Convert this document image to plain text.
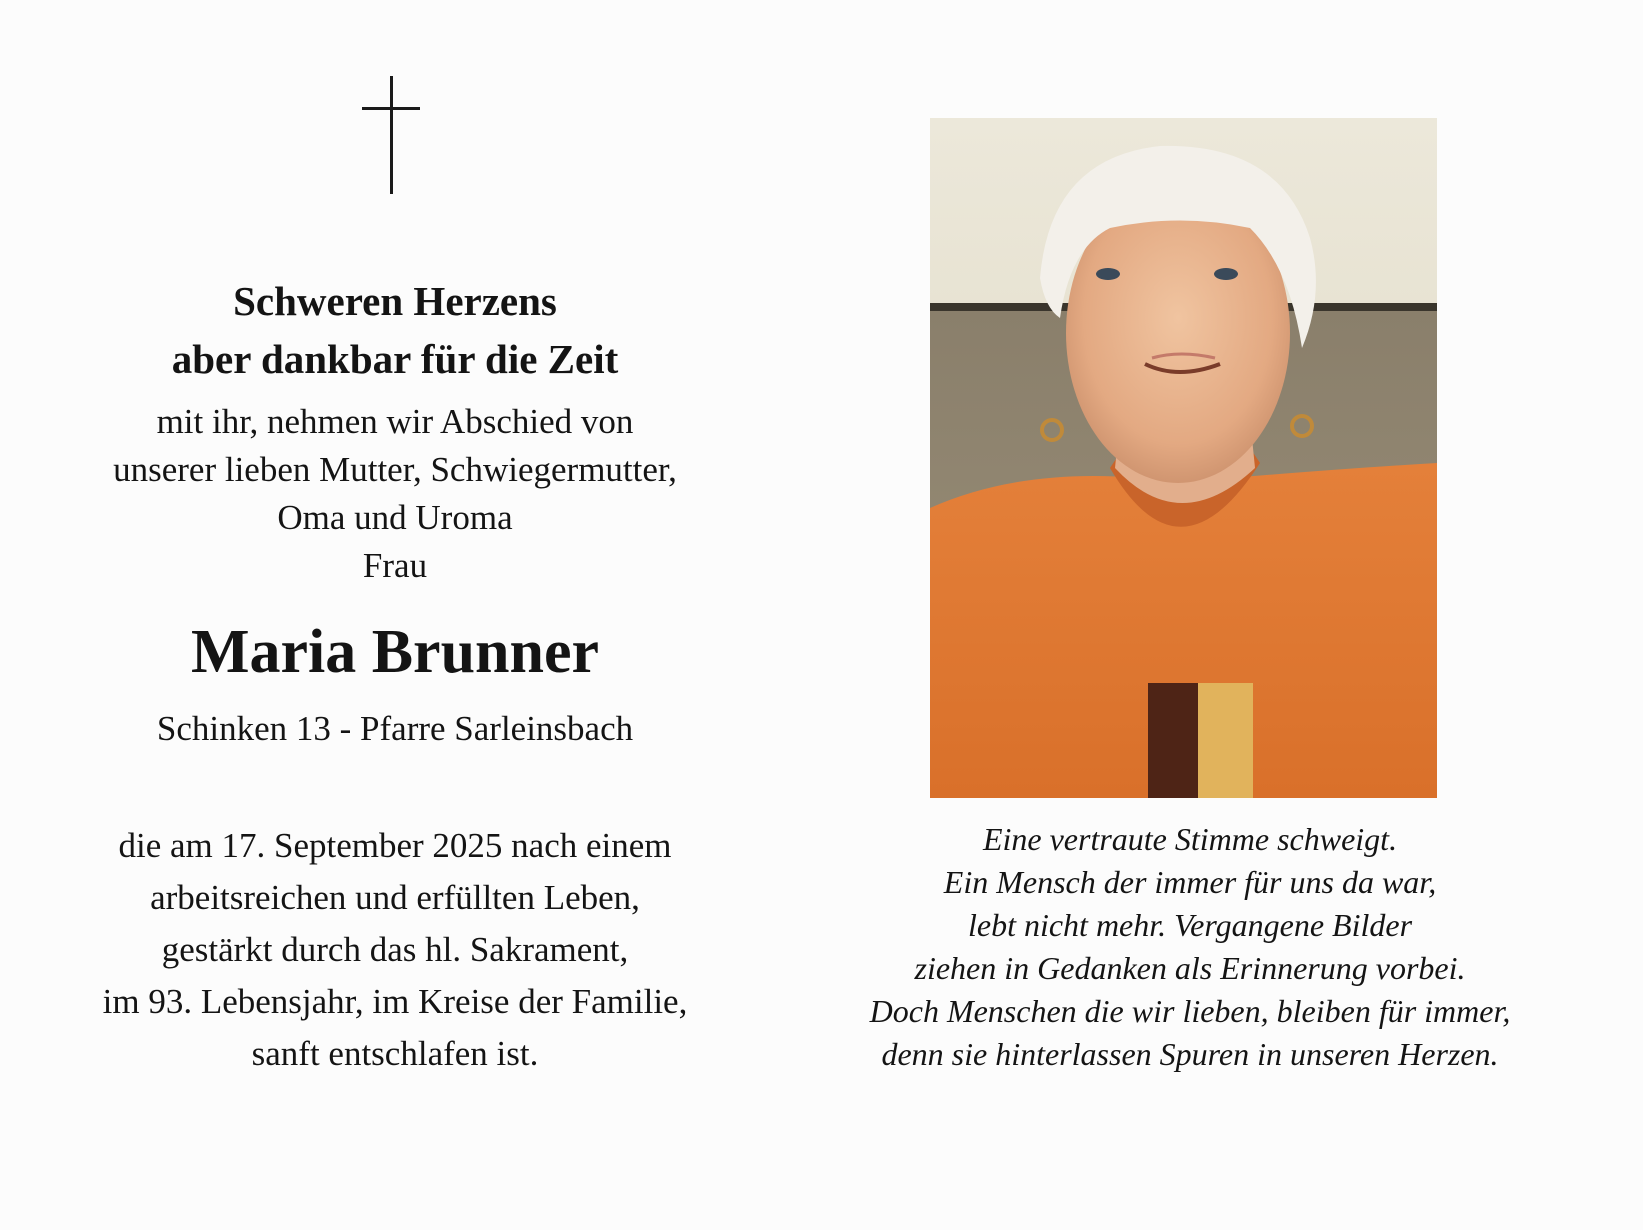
Schweren Herzens
aber dankbar für die Zeit
mit ihr, nehmen wir Abschied von
unserer lieben Mutter, Schwiegermutter,
Oma und Uroma
Frau
Maria Brunner
Schinken 13 - Pfarre Sarleinsbach
die am 17. September 2025 nach einem
arbeitsreichen und erfüllten Leben,
gestärkt durch das hl. Sakrament,
im 93. Lebensjahr, im Kreise der Familie,
sanft entschlafen ist.
Eine vertraute Stimme schweigt.
Ein Mensch der immer für uns da war,
lebt nicht mehr. Vergangene Bilder
ziehen in Gedanken als Erinnerung vorbei.
Doch Menschen die wir lieben, bleiben für immer,
denn sie hinterlassen Spuren in unseren Herzen.
